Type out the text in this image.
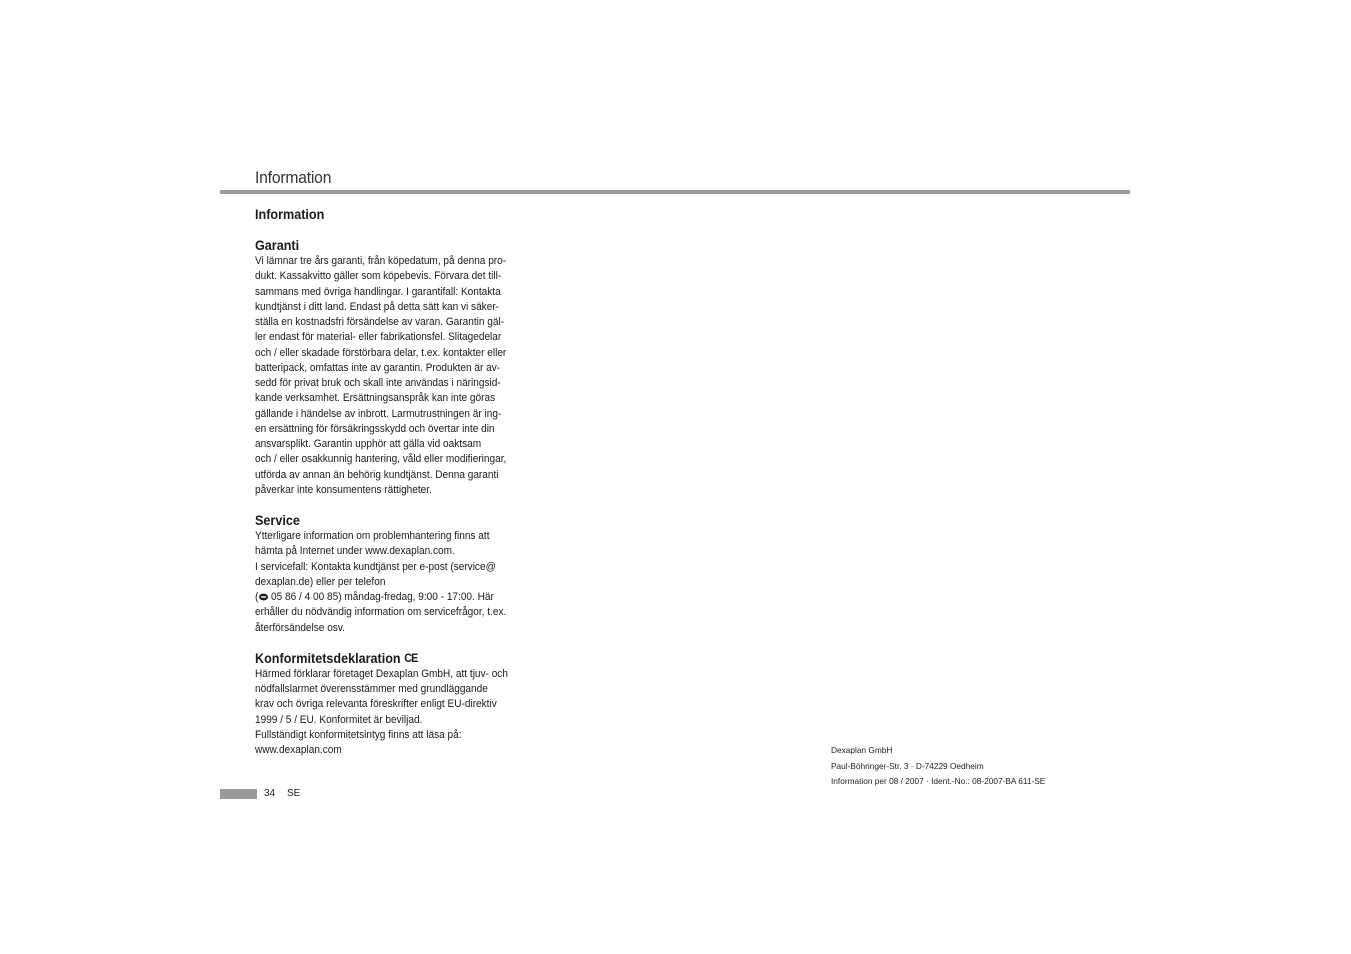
Information
Information
Garanti
Vi lämnar tre års garanti, från köpedatum, på denna pro-
dukt. Kassakvitto gäller som köpebevis. Förvara det till-
sammans med övriga handlingar. I garantifall: Kontakta
kundtjänst i ditt land. Endast på detta sätt kan vi säker-
ställa en kostnadsfri försändelse av varan. Garantin gäl-
ler endast för material- eller fabrikationsfel. Slitagedelar
och / eller skadade förstörbara delar, t.ex. kontakter eller
batteripack, omfattas inte av garantin. Produkten är av-
sedd för privat bruk och skall inte användas i näringsid-
kande verksamhet. Ersättningsanspråk kan inte göras
gällande i händelse av inbrott. Larmutrustningen är ing-
en ersättning för försäkringsskydd och övertar inte din
ansvarsplikt. Garantin upphör att gälla vid oaktsam
och / eller osakkunnig hantering, våld eller modifieringar,
utförda av annan än behörig kundtjänst. Denna garanti
påverkar inte konsumentens rättigheter.
Service
Ytterligare information om problemhantering finns att
hämta på Internet under www.dexaplan.com.
I servicefall: Kontakta kundtjänst per e-post (service@
dexaplan.de) eller per telefon
( 05 86 / 4 00 85) måndag-fredag, 9:00 - 17:00. Här
erhåller du nödvändig information om servicefrågor, t.ex.
återförsändelse osv.
Konformitetsdeklaration CE
Härmed förklarar företaget Dexaplan GmbH, att tjuv- och
nödfallslarmet överensstämmer med grundläggande
krav och övriga relevanta föreskrifter enligt EU-direktiv
1999 / 5 / EU. Konformitet är beviljad.
Fullständigt konformitetsintyg finns att läsa på:
www.dexaplan.com
34 SE
Dexaplan GmbH
Paul-Böhringer-Str. 3 · D-74229 Oedheim
Information per 08 / 2007 · Ident.-No.: 08-2007-BA 611-SE
